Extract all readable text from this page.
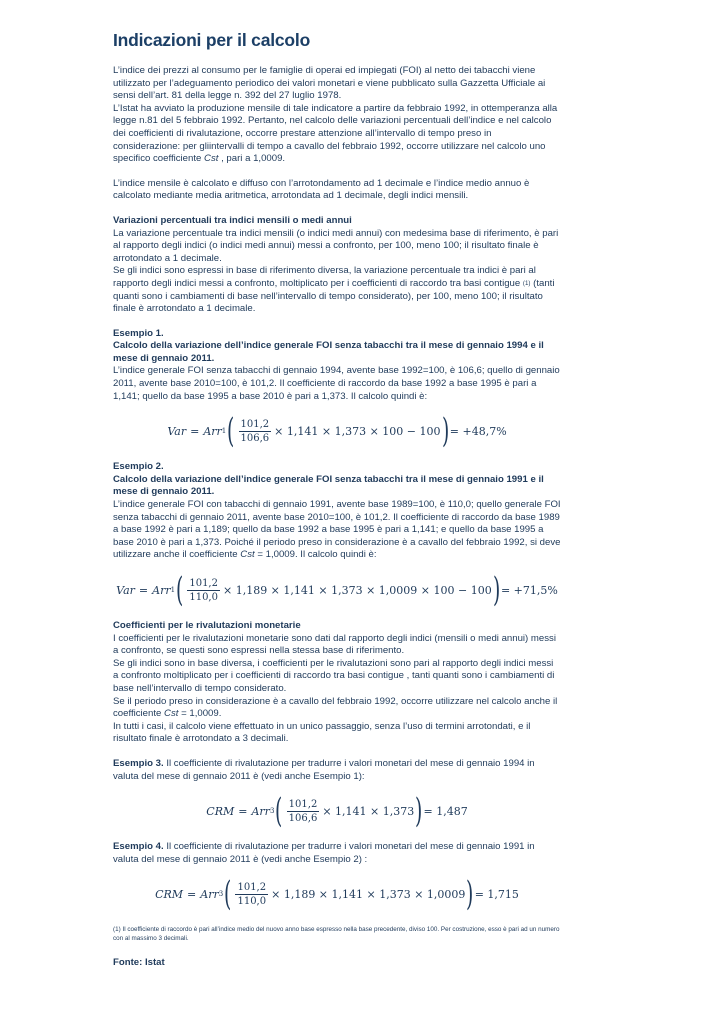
Indicazioni per il calcolo

L’indice dei prezzi al consumo per le famiglie di operai ed impiegati (FOI) al netto dei tabacchi viene utilizzato per l’adeguamento periodico dei valori monetari e viene pubblicato sulla Gazzetta Ufficiale ai sensi dell’art. 81 della legge n. 392 del 27 luglio 1978.

L’Istat ha avviato la produzione mensile di tale indicatore a partire da febbraio 1992, in ottemperanza alla legge n.81 del 5 febbraio 1992. Pertanto, nel calcolo delle variazioni percentuali dell’indice e nel calcolo dei coefficienti di rivalutazione, occorre prestare attenzione all’intervallo di tempo preso in considerazione: per gliintervalli di tempo a cavallo del febbraio 1992, occorre utilizzare nel calcolo uno specifico coefficiente Cst , pari a 1,0009.

L’indice mensile è calcolato e diffuso con l’arrotondamento ad 1 decimale e l’indice medio annuo è calcolato mediante media aritmetica, arrotondata ad 1 decimale, degli indici mensili.

Variazioni percentuali tra indici mensili o medi annui

La variazione percentuale tra indici mensili (o indici medi annui) con medesima base di riferimento, è pari al rapporto degli indici (o indici medi annui) messi a confronto, per 100, meno 100; il risultato finale è arrotondato a 1 decimale.

Se gli indici sono espressi in base di riferimento diversa, la variazione percentuale tra indici è pari al rapporto degli indici messi a confronto, moltiplicato per i coefficienti di raccordo tra basi contigue (1) (tanti quanti sono i cambiamenti di base nell’intervallo di tempo considerato), per 100, meno 100; il risultato finale è arrotondato a 1 decimale.

Esempio 1.

Calcolo della variazione dell’indice generale FOI senza tabacchi tra il mese di gennaio 1994 e il mese di gennaio 2011.

L’indice generale FOI senza tabacchi di gennaio 1994, avente base 1992=100, è 106,6; quello di gennaio 2011, avente base 2010=100, è 101,2. Il coefficiente di raccordo da base 1992 a base 1995 è pari a 1,141; quello da base 1995 a base 2010 è pari a 1,373. Il calcolo quindi è:

Var = Arr 1 ( $\frac{101,2}{106,6} \times 1,141 \times 1,373 \times 100 - 100$ ) = +48,7%

Esempio 2.

Calcolo della variazione dell’indice generale FOI senza tabacchi tra il mese di gennaio 1991 e il mese di gennaio 2011.

L’indice generale FOI con tabacchi di gennaio 1991, avente base 1989=100, è 110,0; quello generale FOI senza tabacchi di gennaio 2011, avente base 2010=100, è 101,2. Il coefficiente di raccordo da base 1989 a base 1992 è pari a 1,189; quello da base 1992 a base 1995 è pari a 1,141; e quello da base 1995 a base 2010 è pari a 1,373. Poiché il periodo preso in considerazione è a cavallo del febbraio 1992, si deve utilizzare anche il coefficiente Cst = 1,0009. Il calcolo quindi è:

Var = Arr 1 ( $\frac{101,2}{110,0} \times 1,189 \times 1,141 \times 1,373 \times 1,0009 \times 100 - 100$ ) = +71,5%

Coefficienti per le rivalutazioni monetarie

I coefficienti per le rivalutazioni monetarie sono dati dal rapporto degli indici (mensili o medi annui) messi a confronto, se questi sono espressi nella stessa base di riferimento.

Se gli indici sono in base diversa, i coefficienti per le rivalutazioni sono pari al rapporto degli indici messi a confronto moltiplicato per i coefficienti di raccordo tra basi contigue , tanti quanti sono i cambiamenti di base nell’intervallo di tempo considerato.

Se il periodo preso in considerazione è a cavallo del febbraio 1992, occorre utilizzare nel calcolo anche il coefficiente Cst = 1,0009.

In tutti i casi, il calcolo viene effettuato in un unico passaggio, senza l’uso di termini arrotondati, e il risultato finale è arrotondato a 3 decimali.

Esempio 3. Il coefficiente di rivalutazione per tradurre i valori monetari del mese di gennaio 1994 in valuta del mese di gennaio 2011 è (vedi anche Esempio 1):

CRM = Arr 3 ( $\frac{101,2}{106,6} \times 1,141 \times 1,373$ ) = 1,487

Esempio 4. Il coefficiente di rivalutazione per tradurre i valori monetari del mese di gennaio 1991 in valuta del mese di gennaio 2011 è (vedi anche Esempio 2) :

CRM = Arr 3 ( $\frac{101,2}{110,0} \times 1,189 \times 1,141 \times 1,373 \times 1,0009$ ) = 1,715

(1) Il coefficiente di raccordo è pari all’indice medio del nuovo anno base espresso nella base precedente, diviso 100. Per costruzione, esso è pari ad un numero con al massimo 3 decimali.

Fonte: Istat
